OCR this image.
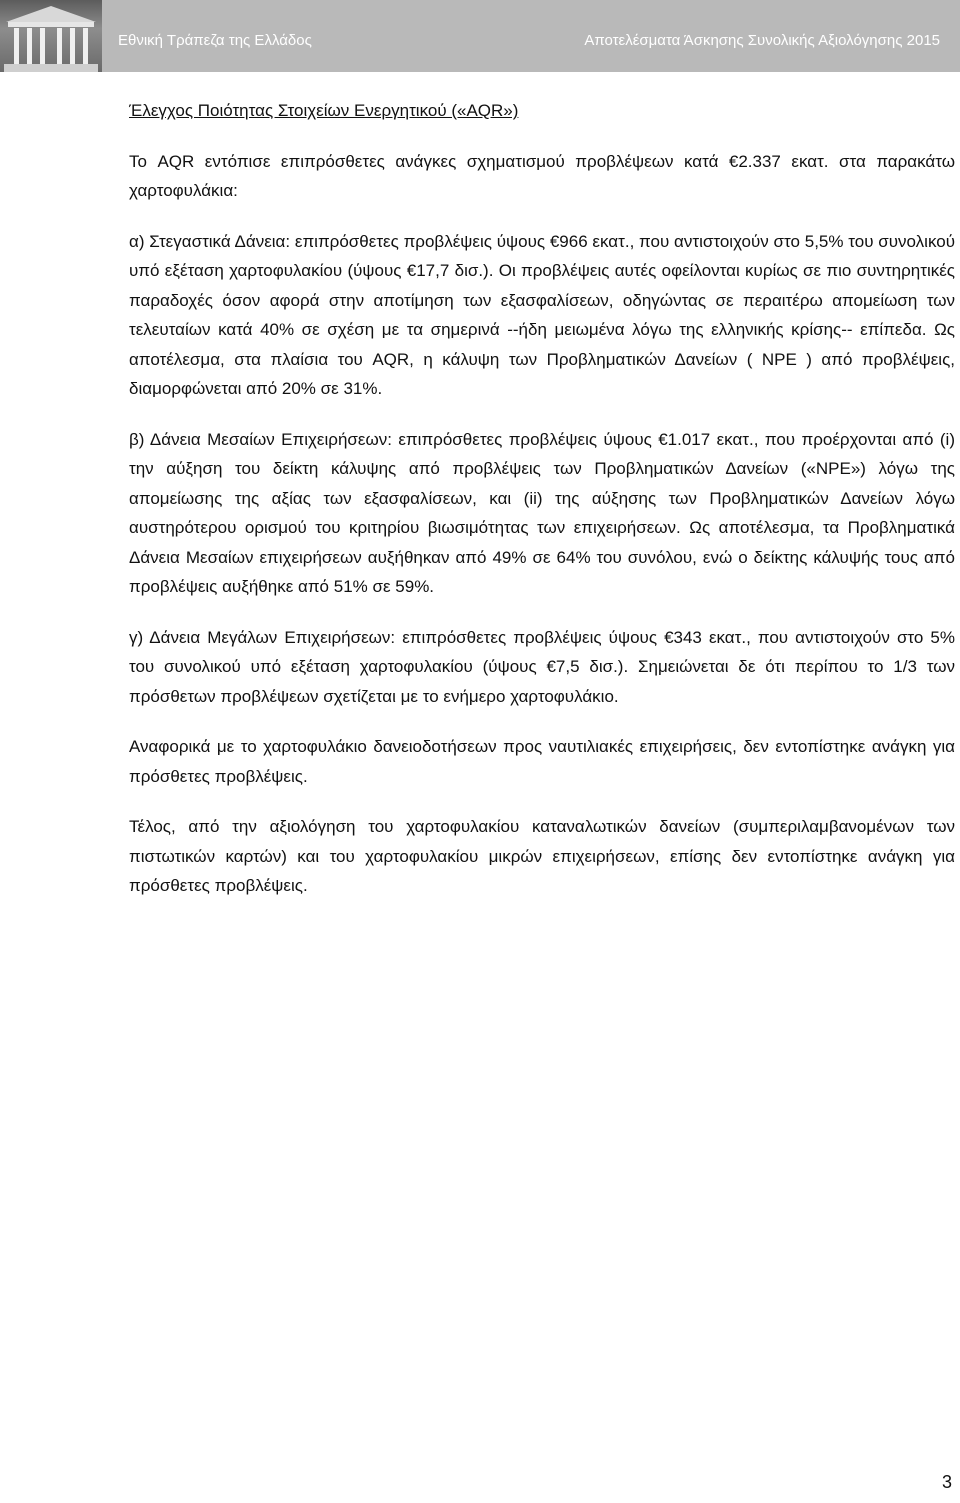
Εθνική Τράπεζα της Ελλάδος	Αποτελέσματα Άσκησης Συνολικής Αξιολόγησης 2015
Έλεγχος Ποιότητας Στοιχείων Ενεργητικού («AQR»)

Το AQR εντόπισε επιπρόσθετες ανάγκες σχηματισμού προβλέψεων κατά €2.337 εκατ. στα παρακάτω χαρτοφυλάκια:

α) Στεγαστικά Δάνεια: επιπρόσθετες προβλέψεις ύψους €966 εκατ., που αντιστοιχούν στο 5,5% του συνολικού υπό εξέταση χαρτοφυλακίου (ύψους €17,7 δισ.). Οι προβλέψεις αυτές οφείλονται κυρίως σε πιο συντηρητικές παραδοχές όσον αφορά στην αποτίμηση των εξασφαλίσεων, οδηγώντας σε περαιτέρω απομείωση των τελευταίων κατά 40% σε σχέση με τα σημερινά --ήδη μειωμένα λόγω της ελληνικής κρίσης-- επίπεδα. Ως αποτέλεσμα, στα πλαίσια του AQR, η κάλυψη των Προβληματικών Δανείων ( NPE ) από προβλέψεις, διαμορφώνεται από 20% σε 31%.

β) Δάνεια Μεσαίων Επιχειρήσεων: επιπρόσθετες προβλέψεις ύψους €1.017 εκατ., που προέρχονται από (i) την αύξηση του δείκτη κάλυψης από προβλέψεις των Προβληματικών Δανείων («NPE») λόγω της απομείωσης της αξίας των εξασφαλίσεων, και (ii) της αύξησης των Προβληματικών Δανείων λόγω αυστηρότερου ορισμού του κριτηρίου βιωσιμότητας των επιχειρήσεων. Ως αποτέλεσμα, τα Προβληματικά Δάνεια Μεσαίων επιχειρήσεων αυξήθηκαν από 49% σε 64% του συνόλου, ενώ ο δείκτης κάλυψής τους από προβλέψεις αυξήθηκε από 51% σε 59%.

γ) Δάνεια Μεγάλων Επιχειρήσεων: επιπρόσθετες προβλέψεις ύψους €343 εκατ., που αντιστοιχούν στο 5% του συνολικού υπό εξέταση χαρτοφυλακίου (ύψους €7,5 δισ.). Σημειώνεται δε ότι περίπου το 1/3 των πρόσθετων προβλέψεων σχετίζεται με το ενήμερο χαρτοφυλάκιο.

Αναφορικά με το χαρτοφυλάκιο δανειοδοτήσεων προς ναυτιλιακές επιχειρήσεις, δεν εντοπίστηκε ανάγκη για πρόσθετες προβλέψεις.

Τέλος, από την αξιολόγηση του χαρτοφυλακίου καταναλωτικών δανείων (συμπεριλαμβανομένων των πιστωτικών καρτών) και του χαρτοφυλακίου μικρών επιχειρήσεων, επίσης δεν εντοπίστηκε ανάγκη για πρόσθετες προβλέψεις.

3
